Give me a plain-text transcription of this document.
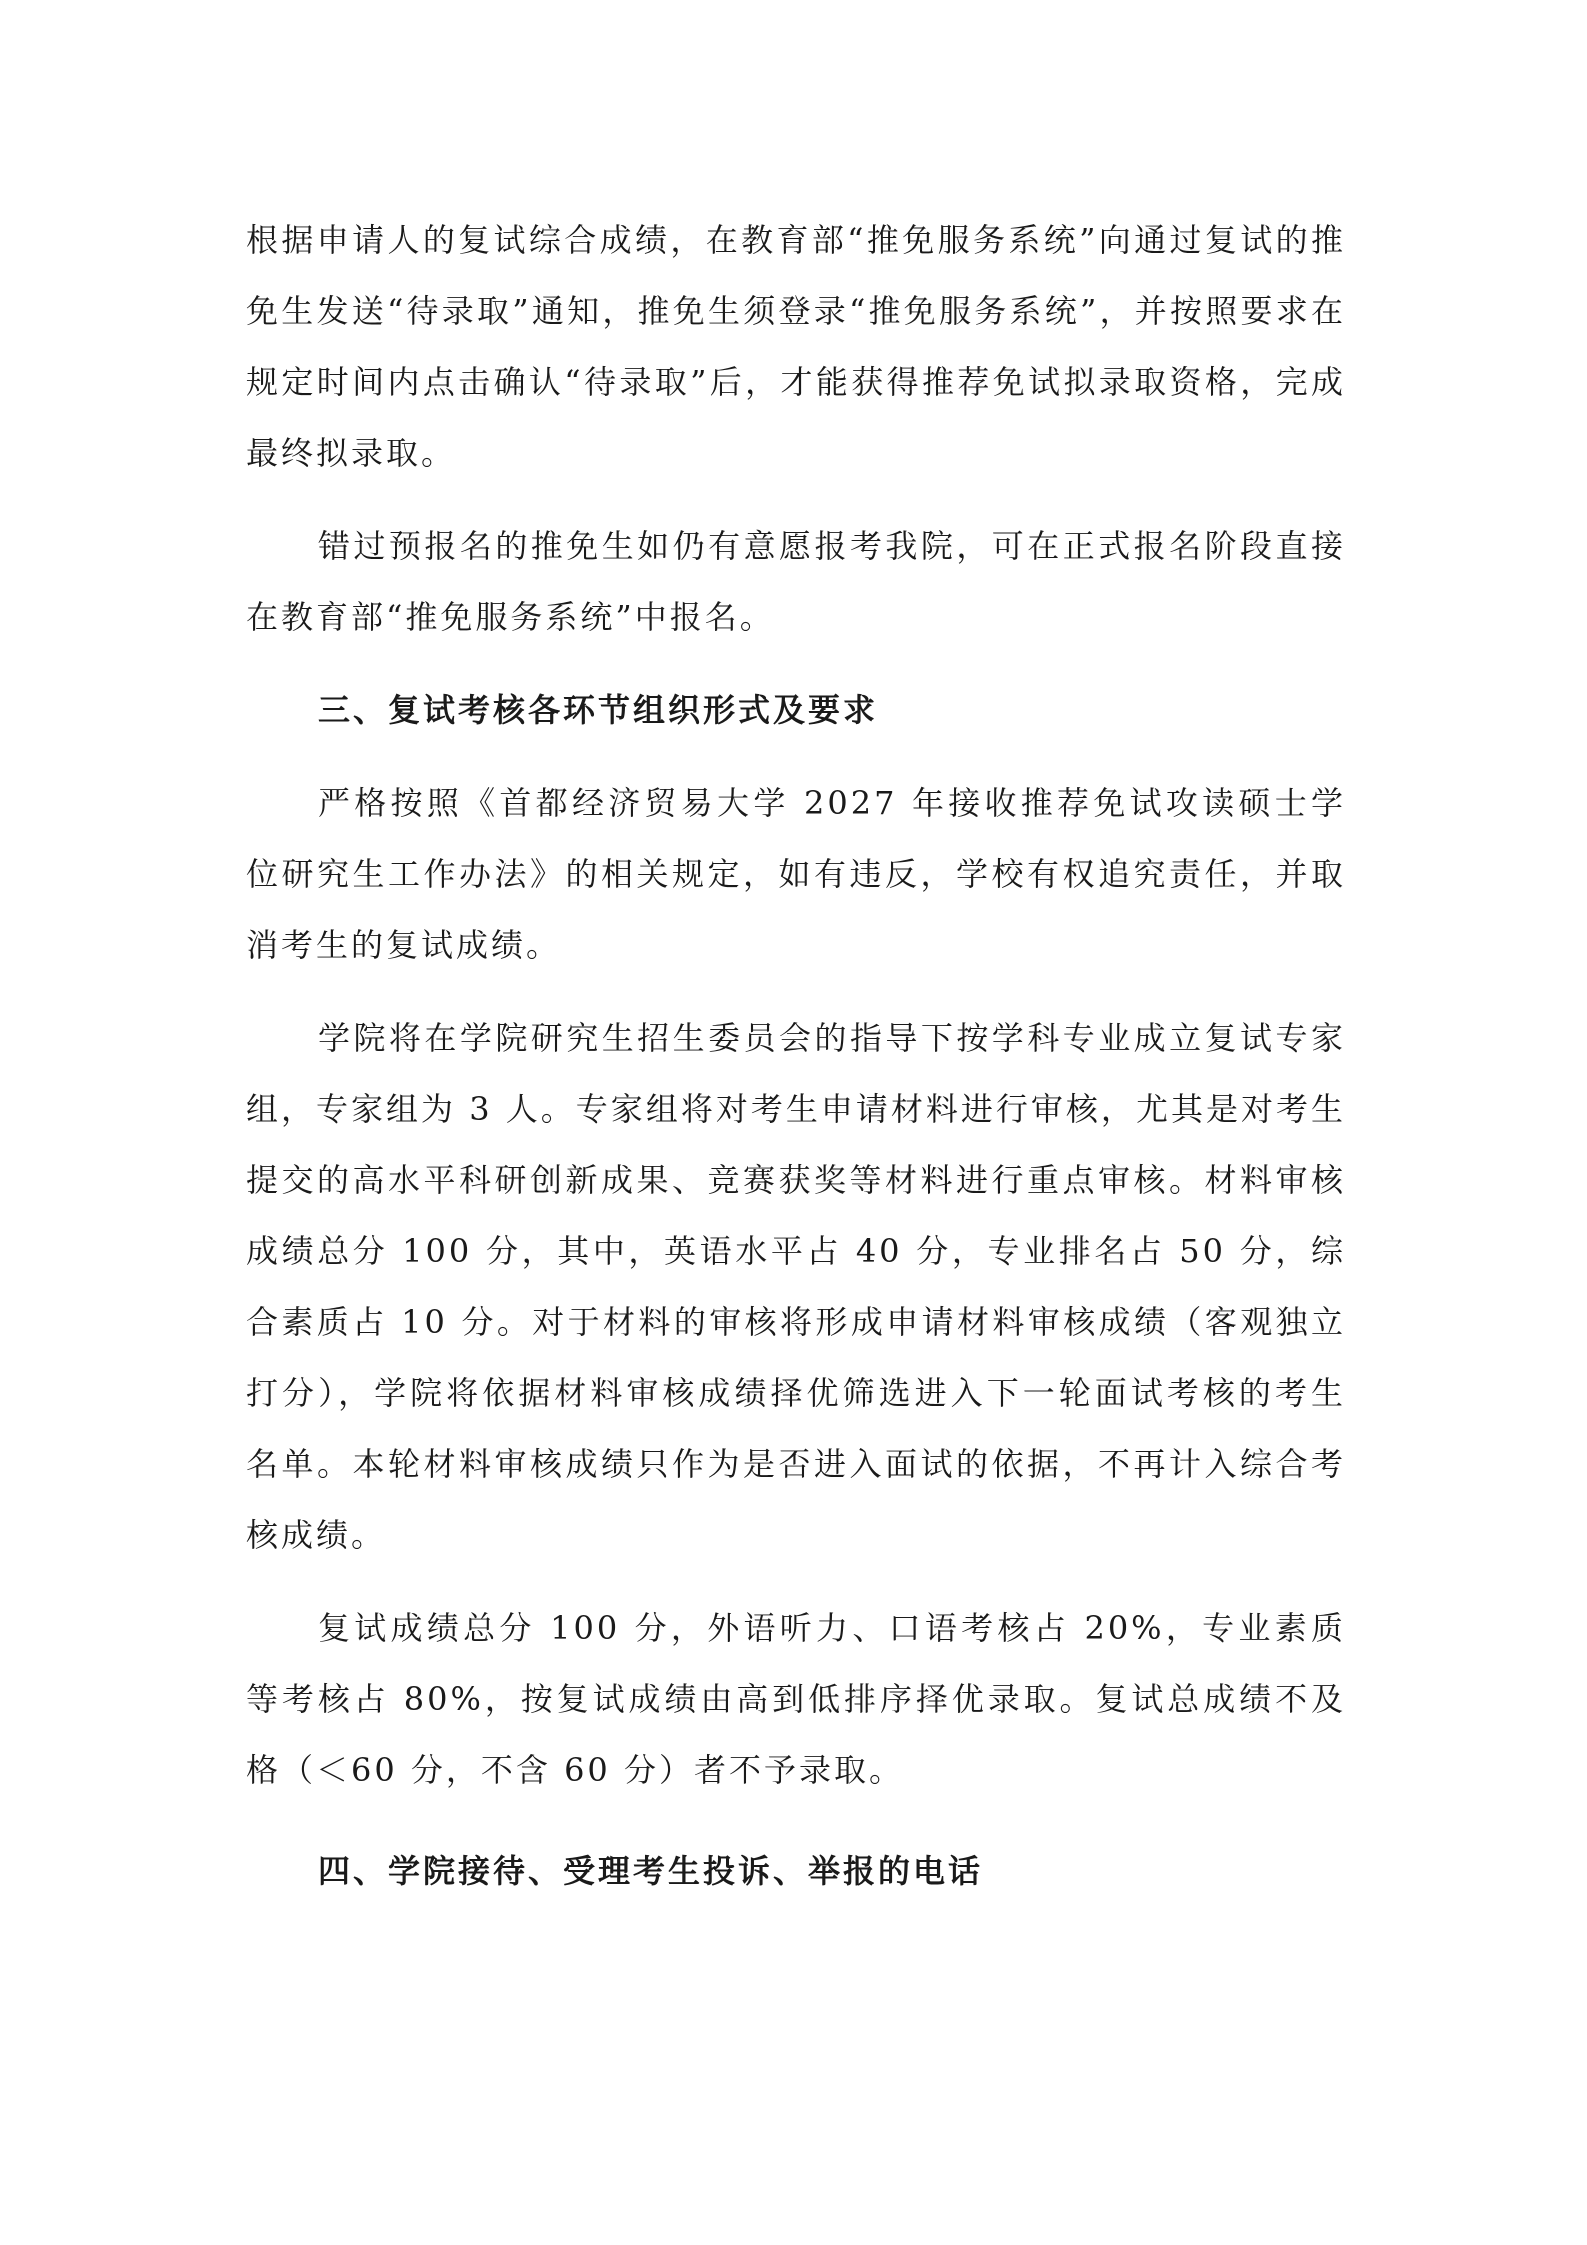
根据申请人的复试综合成绩，在教育部“推免服务系统”向通过复试的推免生发送“待录取”通知，推免生须登录“推免服务系统”，并按照要求在规定时间内点击确认“待录取”后，才能获得推荐免试拟录取资格，完成最终拟录取。

错过预报名的推免生如仍有意愿报考我院，可在正式报名阶段直接在教育部“推免服务系统”中报名。

三、复试考核各环节组织形式及要求

严格按照《首都经济贸易大学 2027 年接收推荐免试攻读硕士学位研究生工作办法》的相关规定，如有违反，学校有权追究责任，并取消考生的复试成绩。

学院将在学院研究生招生委员会的指导下按学科专业成立复试专家组，专家组为 3 人。专家组将对考生申请材料进行审核，尤其是对考生提交的高水平科研创新成果、竞赛获奖等材料进行重点审核。材料审核成绩总分 100 分，其中，英语水平占 40 分，专业排名占 50 分，综合素质占 10 分。对于材料的审核将形成申请材料审核成绩（客观独立打分），学院将依据材料审核成绩择优筛选进入下一轮面试考核的考生名单。本轮材料审核成绩只作为是否进入面试的依据，不再计入综合考核成绩。

复试成绩总分 100 分，外语听力、口语考核占 20%，专业素质等考核占 80%，按复试成绩由高到低排序择优录取。复试总成绩不及格（＜60 分，不含 60 分）者不予录取。

四、学院接待、受理考生投诉、举报的电话
